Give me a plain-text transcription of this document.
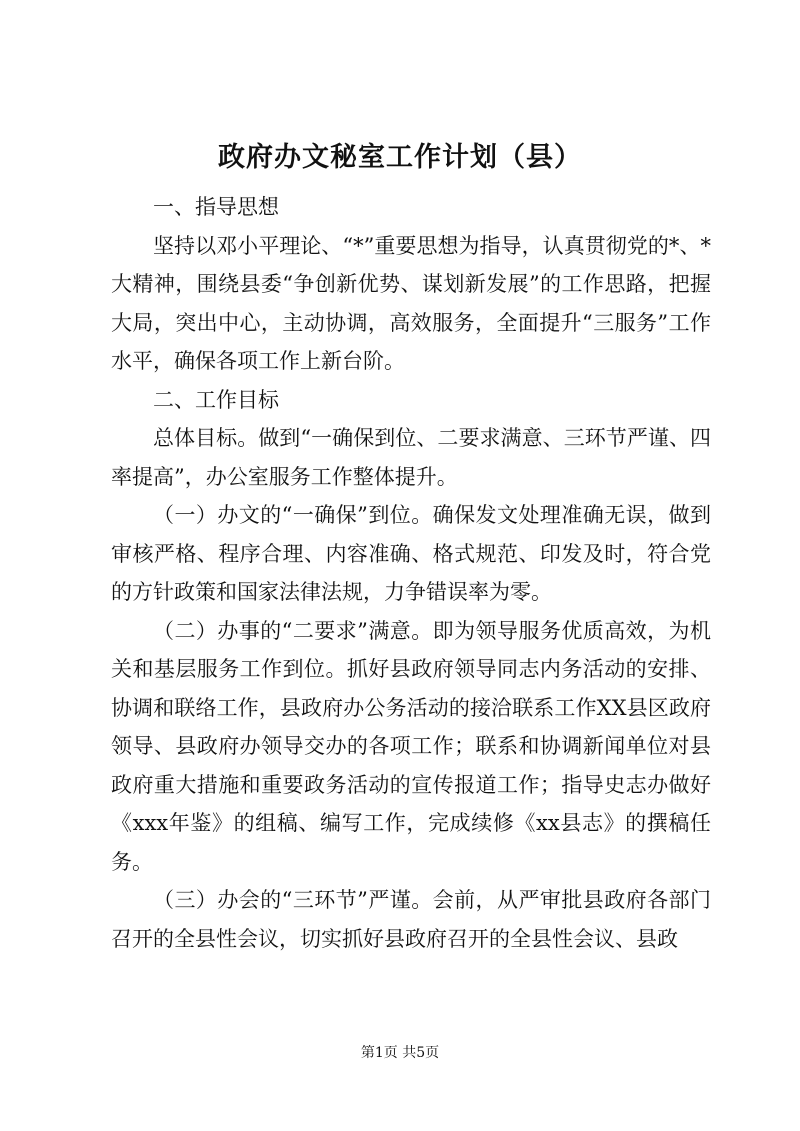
政府办文秘室工作计划（县）

一、指导思想

坚持以邓小平理论、“*”重要思想为指导，认真贯彻党的*、*大精神，围绕县委“争创新优势、谋划新发展”的工作思路，把握大局，突出中心，主动协调，高效服务，全面提升“三服务”工作水平，确保各项工作上新台阶。

二、工作目标

总体目标。做到“一确保到位、二要求满意、三环节严谨、四率提高”，办公室服务工作整体提升。

（一）办文的“一确保”到位。确保发文处理准确无误，做到审核严格、程序合理、内容准确、格式规范、印发及时，符合党的方针政策和国家法律法规，力争错误率为零。

（二）办事的“二要求”满意。即为领导服务优质高效，为机关和基层服务工作到位。抓好县政府领导同志内务活动的安排、协调和联络工作，县政府办公务活动的接洽联系工作XX县区政府领导、县政府办领导交办的各项工作；联系和协调新闻单位对县政府重大措施和重要政务活动的宣传报道工作；指导史志办做好《xxx年鉴》的组稿、编写工作，完成续修《xx县志》的撰稿任务。

（三）办会的“三环节”严谨。会前，从严审批县政府各部门召开的全县性会议，切实抓好县政府召开的全县性会议、县政

第1页 共5页
